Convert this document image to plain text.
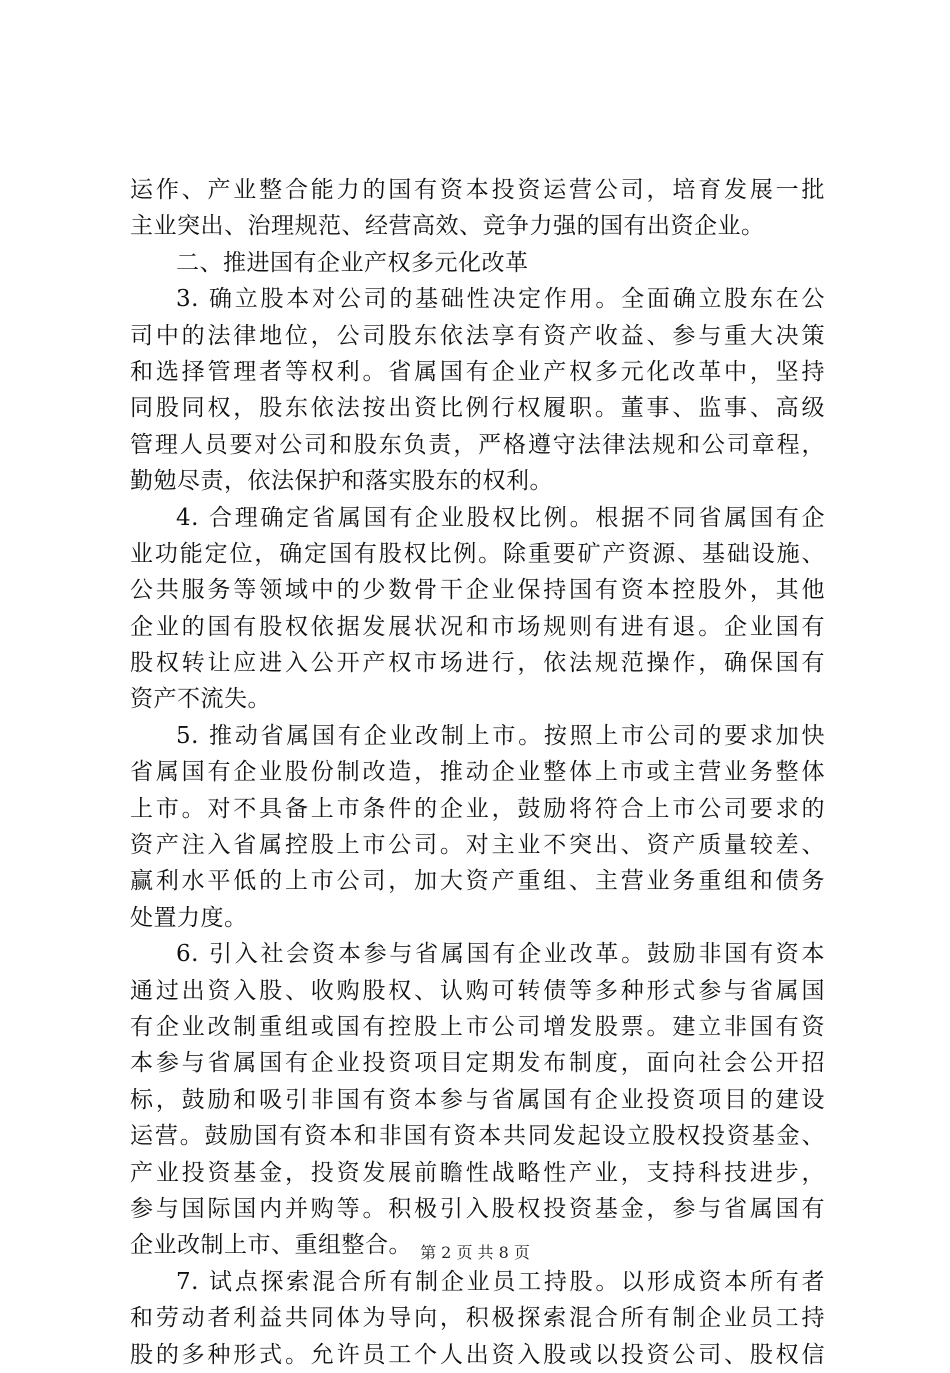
运作、产业整合能力的国有资本投资运营公司，培育发展一批
主业突出、治理规范、经营高效、竞争力强的国有出资企业。
二、推进国有企业产权多元化改革
3. 确立股本对公司的基础性决定作用。全面确立股东在公
司中的法律地位，公司股东依法享有资产收益、参与重大决策
和选择管理者等权利。省属国有企业产权多元化改革中，坚持
同股同权，股东依法按出资比例行权履职。董事、监事、高级
管理人员要对公司和股东负责，严格遵守法律法规和公司章程，
勤勉尽责，依法保护和落实股东的权利。
4. 合理确定省属国有企业股权比例。根据不同省属国有企
业功能定位，确定国有股权比例。除重要矿产资源、基础设施、
公共服务等领域中的少数骨干企业保持国有资本控股外，其他
企业的国有股权依据发展状况和市场规则有进有退。企业国有
股权转让应进入公开产权市场进行，依法规范操作，确保国有
资产不流失。
5. 推动省属国有企业改制上市。按照上市公司的要求加快
省属国有企业股份制改造，推动企业整体上市或主营业务整体
上市。对不具备上市条件的企业，鼓励将符合上市公司要求的
资产注入省属控股上市公司。对主业不突出、资产质量较差、
赢利水平低的上市公司，加大资产重组、主营业务重组和债务
处置力度。
6. 引入社会资本参与省属国有企业改革。鼓励非国有资本
通过出资入股、收购股权、认购可转债等多种形式参与省属国
有企业改制重组或国有控股上市公司增发股票。建立非国有资
本参与省属国有企业投资项目定期发布制度，面向社会公开招
标，鼓励和吸引非国有资本参与省属国有企业投资项目的建设
运营。鼓励国有资本和非国有资本共同发起设立股权投资基金、
产业投资基金，投资发展前瞻性战略性产业，支持科技进步，
参与国际国内并购等。积极引入股权投资基金，参与省属国有
企业改制上市、重组整合。
7. 试点探索混合所有制企业员工持股。以形成资本所有者
和劳动者利益共同体为导向，积极探索混合所有制企业员工持
股的多种形式。允许员工个人出资入股或以投资公司、股权信
第 2 页 共 8 页
